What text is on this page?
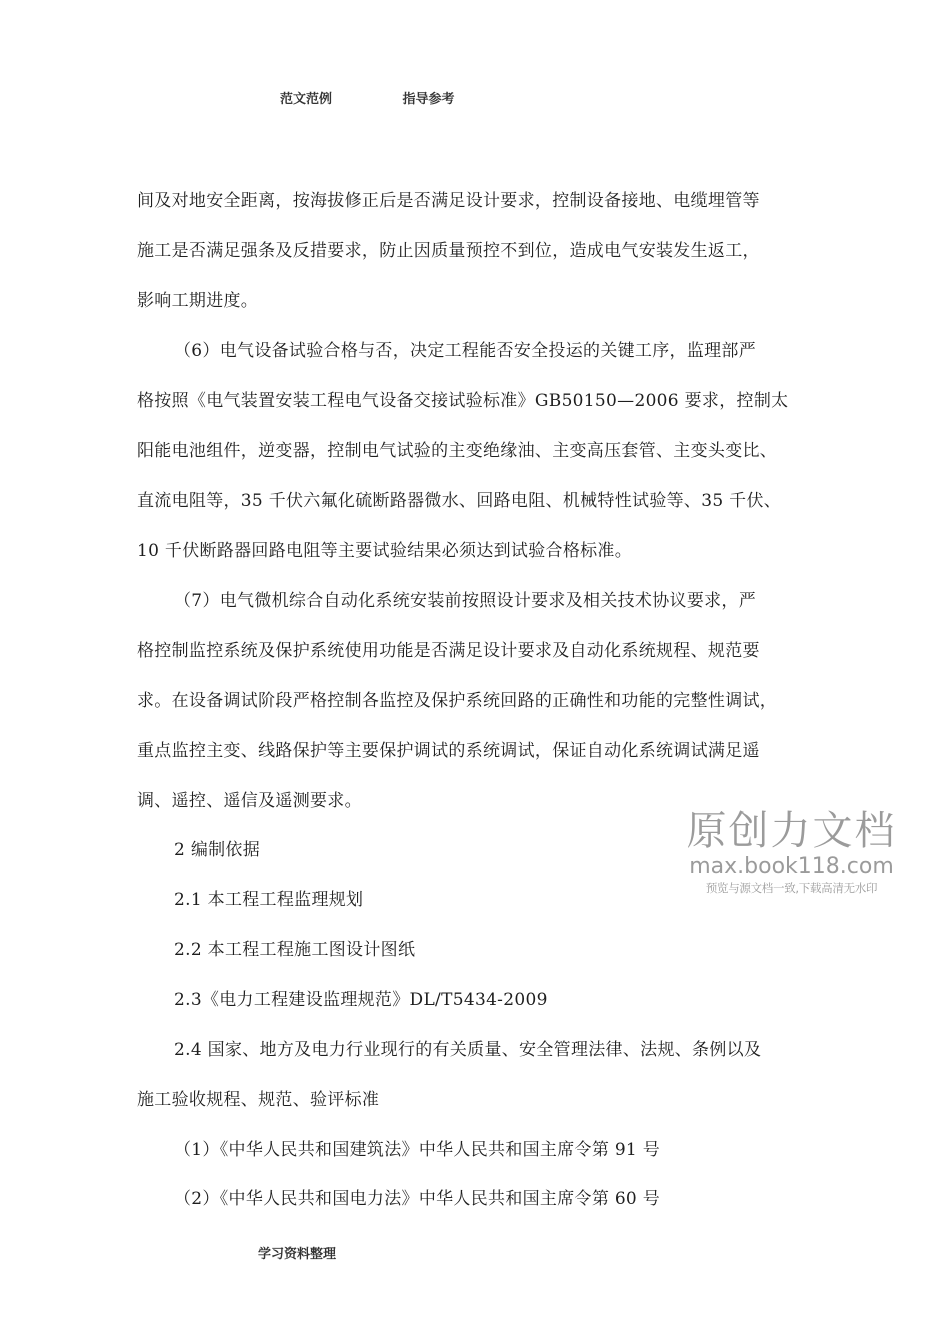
范文范例	指导参考
间及对地安全距离，按海拔修正后是否满足设计要求，控制设备接地、电缆埋管等
施工是否满足强条及反措要求，防止因质量预控不到位，造成电气安装发生返工，
影响工期进度。
（6）电气设备试验合格与否，决定工程能否安全投运的关键工序，监理部严
格按照《电气装置安装工程电气设备交接试验标准》GB50150—2006 要求，控制太
阳能电池组件，逆变器，控制电气试验的主变绝缘油、主变高压套管、主变头变比、
直流电阻等，35 千伏六氟化硫断路器微水、回路电阻、机械特性试验等、35 千伏、
10 千伏断路器回路电阻等主要试验结果必须达到试验合格标准。
（7）电气微机综合自动化系统安装前按照设计要求及相关技术协议要求，严
格控制监控系统及保护系统使用功能是否满足设计要求及自动化系统规程、规范要
求。在设备调试阶段严格控制各监控及保护系统回路的正确性和功能的完整性调试，
重点监控主变、线路保护等主要保护调试的系统调试，保证自动化系统调试满足遥
调、遥控、遥信及遥测要求。
2 编制依据
2.1 本工程工程监理规划
2.2 本工程工程施工图设计图纸
2.3《电力工程建设监理规范》DL/T5434-2009
2.4 国家、地方及电力行业现行的有关质量、安全管理法律、法规、条例以及
施工验收规程、规范、验评标准
（1）《中华人民共和国建筑法》中华人民共和国主席令第 91 号
（2）《中华人民共和国电力法》中华人民共和国主席令第 60 号
原创力文档
max.book118.com
预览与源文档一致,下载高清无水印
学习资料整理
